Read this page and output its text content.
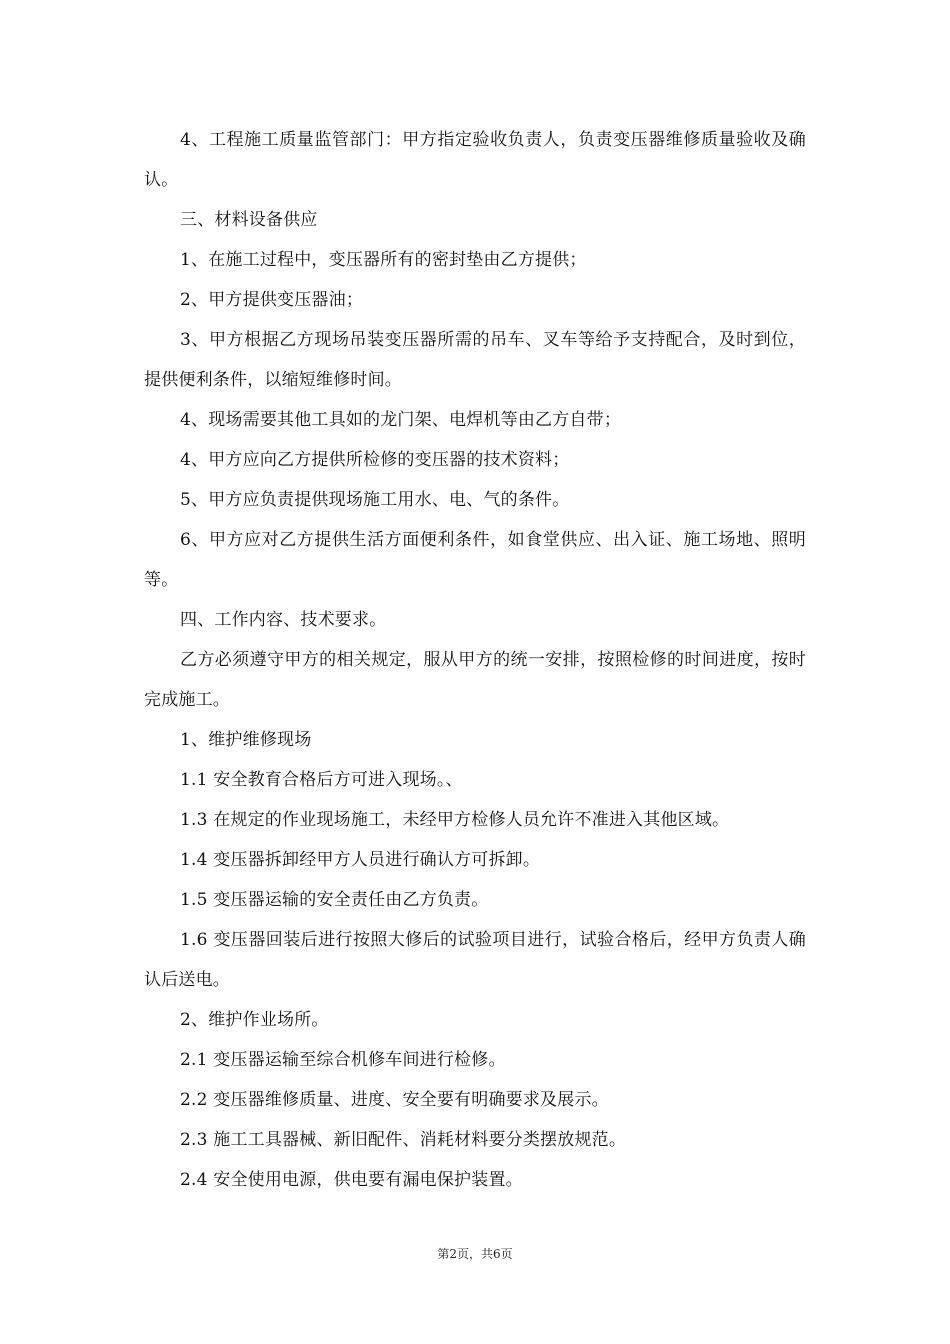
4、工程施工质量监管部门：甲方指定验收负责人，负责变压器维修质量验收及确认。

三、材料设备供应

1、在施工过程中，变压器所有的密封垫由乙方提供；

2、甲方提供变压器油；

3、甲方根据乙方现场吊装变压器所需的吊车、叉车等给予支持配合，及时到位，提供便利条件，以缩短维修时间。

4、现场需要其他工具如的龙门架、电焊机等由乙方自带；

4、甲方应向乙方提供所检修的变压器的技术资料；

5、甲方应负责提供现场施工用水、电、气的条件。

6、甲方应对乙方提供生活方面便利条件，如食堂供应、出入证、施工场地、照明等。

四、工作内容、技术要求。

乙方必须遵守甲方的相关规定，服从甲方的统一安排，按照检修的时间进度，按时完成施工。

1、维护维修现场

1.1 安全教育合格后方可进入现场。、

1.3 在规定的作业现场施工，未经甲方检修人员允许不准进入其他区域。

1.4 变压器拆卸经甲方人员进行确认方可拆卸。

1.5 变压器运输的安全责任由乙方负责。

1.6 变压器回装后进行按照大修后的试验项目进行，试验合格后，经甲方负责人确认后送电。

2、维护作业场所。

2.1 变压器运输至综合机修车间进行检修。

2.2 变压器维修质量、进度、安全要有明确要求及展示。

2.3 施工工具器械、新旧配件、消耗材料要分类摆放规范。

2.4 安全使用电源，供电要有漏电保护装置。

第2页，共6页
